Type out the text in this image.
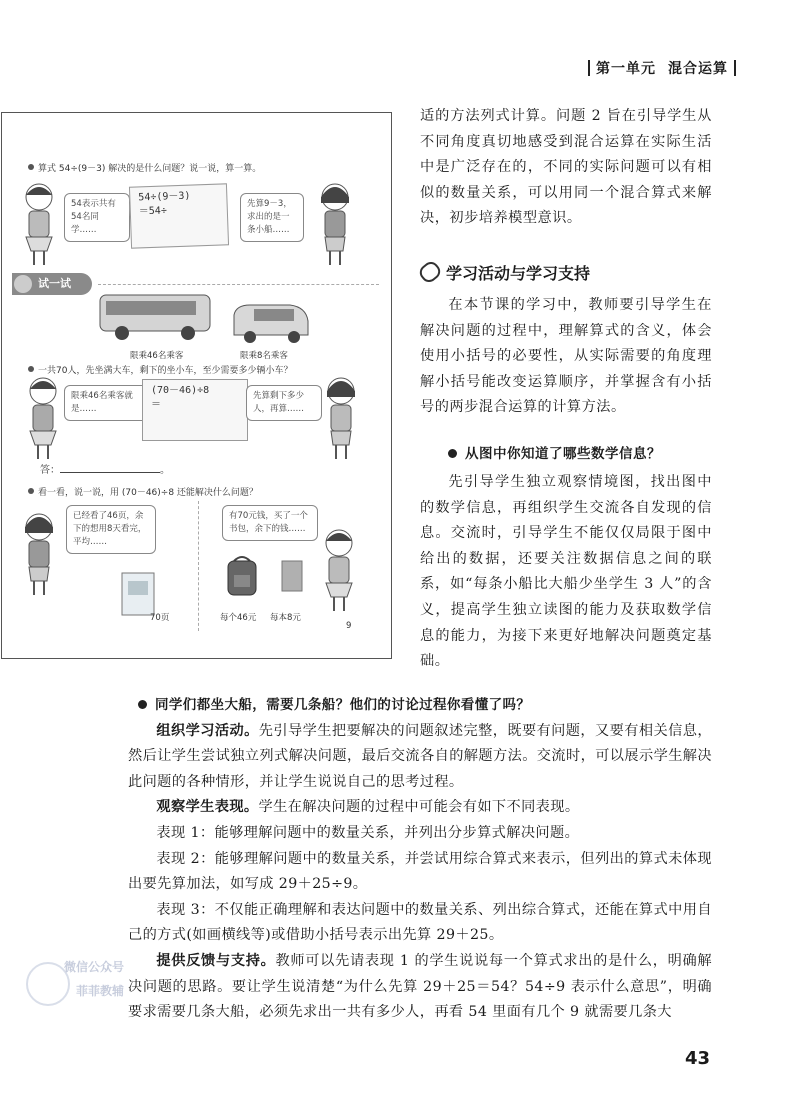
第一单元 混合运算
算式 54÷(9－3) 解决的是什么问题？说一说，算一算。
54表示共有54名同学……
54÷(9－3)
＝54÷
先算9－3，求出的是一条小船……
试一试
限乘46名乘客	限乘8名乘客
一共70人，先坐满大车，剩下的坐小车，至少需要多少辆小车？
限乘46名乘客就是……
(70－46)÷8
＝
先算剩下多少人，再算……
答：	。
看一看，说一说，用 (70－46)÷8 还能解决什么问题？
已经看了46页，余下的想用8天看完，平均……
70页
有70元钱，买了一个书包，余下的钱……
每个46元 每本8元
9

适的方法列式计算。问题 2 旨在引导学生从不同角度真切地感受到混合运算在实际生活中是广泛存在的，不同的实际问题可以有相似的数量关系，可以用同一个混合算式来解决，初步培养模型意识。

学习活动与学习支持

在本节课的学习中，教师要引导学生在解决问题的过程中，理解算式的含义，体会使用小括号的必要性，从实际需要的角度理解小括号能改变运算顺序，并掌握含有小括号的两步混合运算的计算方法。

从图中你知道了哪些数学信息？

先引导学生独立观察情境图，找出图中的数学信息，再组织学生交流各自发现的信息。交流时，引导学生不能仅仅局限于图中给出的数据，还要关注数据信息之间的联系，如“每条小船比大船少坐学生 3 人”的含义，提高学生独立读图的能力及获取数学信息的能力，为接下来更好地解决问题奠定基础。

同学们都坐大船，需要几条船？他们的讨论过程你看懂了吗？

组织学习活动。先引导学生把要解决的问题叙述完整，既要有问题，又要有相关信息，然后让学生尝试独立列式解决问题，最后交流各自的解题方法。交流时，可以展示学生解决此问题的各种情形，并让学生说说自己的思考过程。

观察学生表现。学生在解决问题的过程中可能会有如下不同表现。

表现 1：能够理解问题中的数量关系，并列出分步算式解决问题。

表现 2：能够理解问题中的数量关系，并尝试用综合算式来表示，但列出的算式未体现出要先算加法，如写成 29＋25÷9。

表现 3：不仅能正确理解和表达问题中的数量关系、列出综合算式，还能在算式中用自己的方式(如画横线等)或借助小括号表示出先算 29＋25。

提供反馈与支持。教师可以先请表现 1 的学生说说每一个算式求出的是什么，明确解决问题的思路。要让学生说清楚“为什么先算 29＋25＝54？54÷9 表示什么意思”，明确要求需要几条大船，必须先求出一共有多少人，再看 54 里面有几个 9 就需要几条大

微信公众号
菲菲教辅
43
